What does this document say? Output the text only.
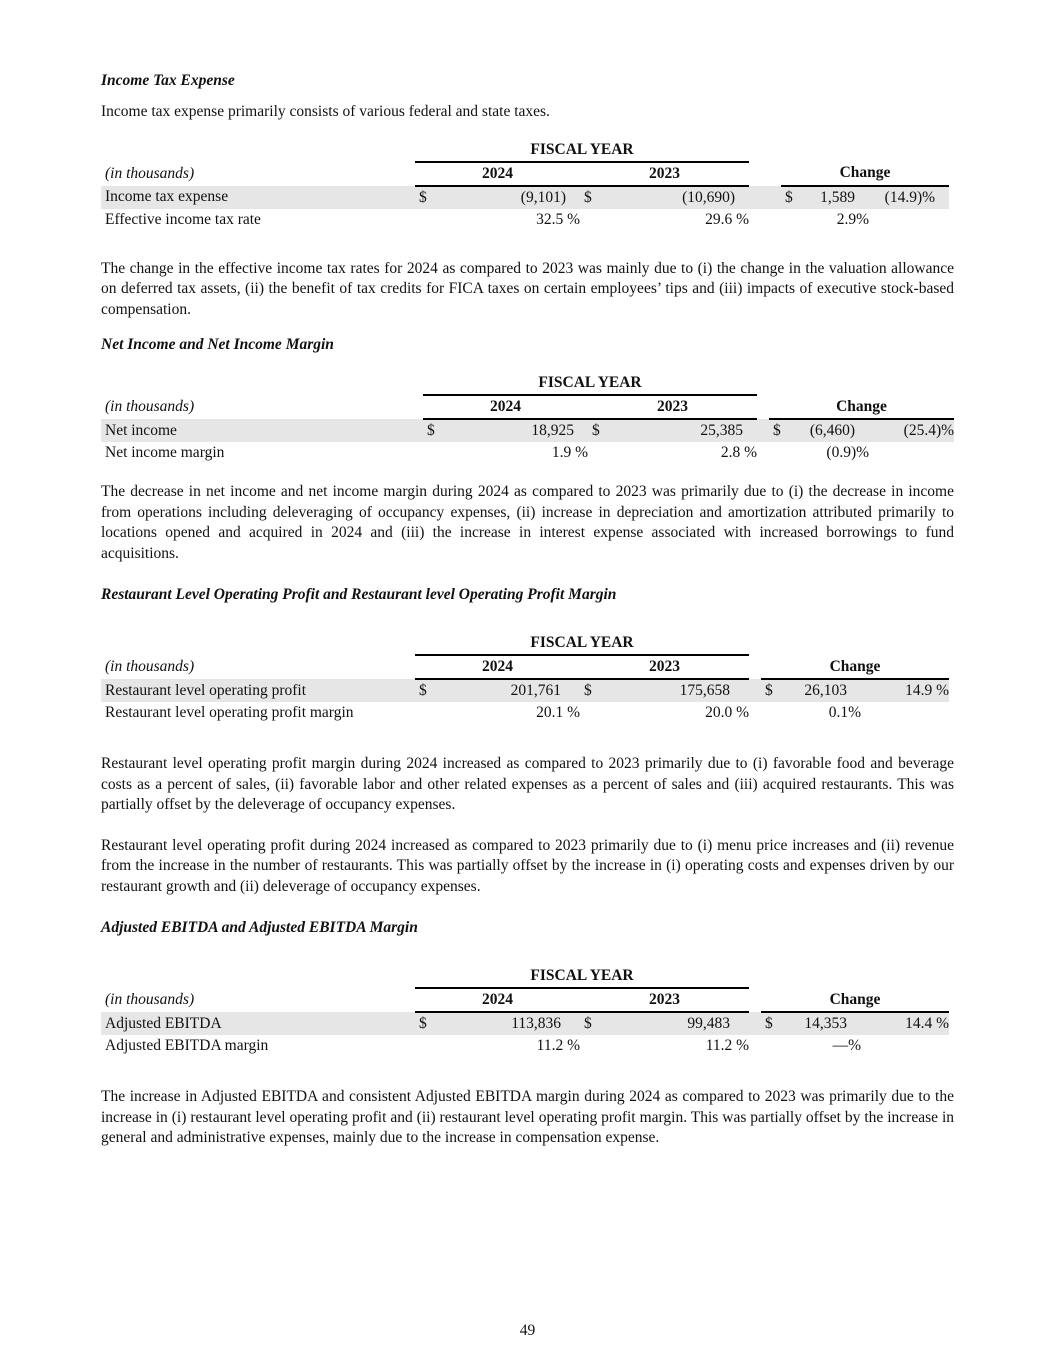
Income Tax Expense

Income tax expense primarily consists of various federal and state taxes.

	FISCAL YEAR							
(in thousands)	2024		2023			Change		
Income tax expense	$	(9,101)	$	(10,690)		$	1,589	(14.9)%
Effective income tax rate	32.5 %		29.6 %			2.9%		

The change in the effective income tax rates for 2024 as compared to 2023 was mainly due to (i) the change in the valuation allowance on deferred tax assets, (ii) the benefit of tax credits for FICA taxes on certain employees’ tips and (iii) impacts of executive stock-based compensation.

Net Income and Net Income Margin

	FISCAL YEAR							
(in thousands)	2024		2023			Change		
Net income	$	18,925	$	25,385		$	(6,460)	(25.4)%
Net income margin	1.9 %		2.8 %			(0.9)%		

The decrease in net income and net income margin during 2024 as compared to 2023 was primarily due to (i) the decrease in income from operations including deleveraging of occupancy expenses, (ii) increase in depreciation and amortization attributed primarily to locations opened and acquired in 2024 and (iii) the increase in interest expense associated with increased borrowings to fund acquisitions.

Restaurant Level Operating Profit and Restaurant level Operating Profit Margin

	FISCAL YEAR							
(in thousands)	2024		2023			Change		
Restaurant level operating profit	$	201,761	$	175,658		$	26,103	14.9 %
Restaurant level operating profit margin	20.1 %		20.0 %			0.1%		

Restaurant level operating profit margin during 2024 increased as compared to 2023 primarily due to (i) favorable food and beverage costs as a percent of sales, (ii) favorable labor and other related expenses as a percent of sales and (iii) acquired restaurants. This was partially offset by the deleverage of occupancy expenses.

Restaurant level operating profit during 2024 increased as compared to 2023 primarily due to (i) menu price increases and (ii) revenue from the increase in the number of restaurants. This was partially offset by the increase in (i) operating costs and expenses driven by our restaurant growth and (ii) deleverage of occupancy expenses.

Adjusted EBITDA and Adjusted EBITDA Margin

	FISCAL YEAR							
(in thousands)	2024		2023			Change		
Adjusted EBITDA	$	113,836	$	99,483		$	14,353	14.4 %
Adjusted EBITDA margin	11.2 %		11.2 %			—%		

The increase in Adjusted EBITDA and consistent Adjusted EBITDA margin during 2024 as compared to 2023 was primarily due to the increase in (i) restaurant level operating profit and (ii) restaurant level operating profit margin. This was partially offset by the increase in general and administrative expenses, mainly due to the increase in compensation expense.

49
